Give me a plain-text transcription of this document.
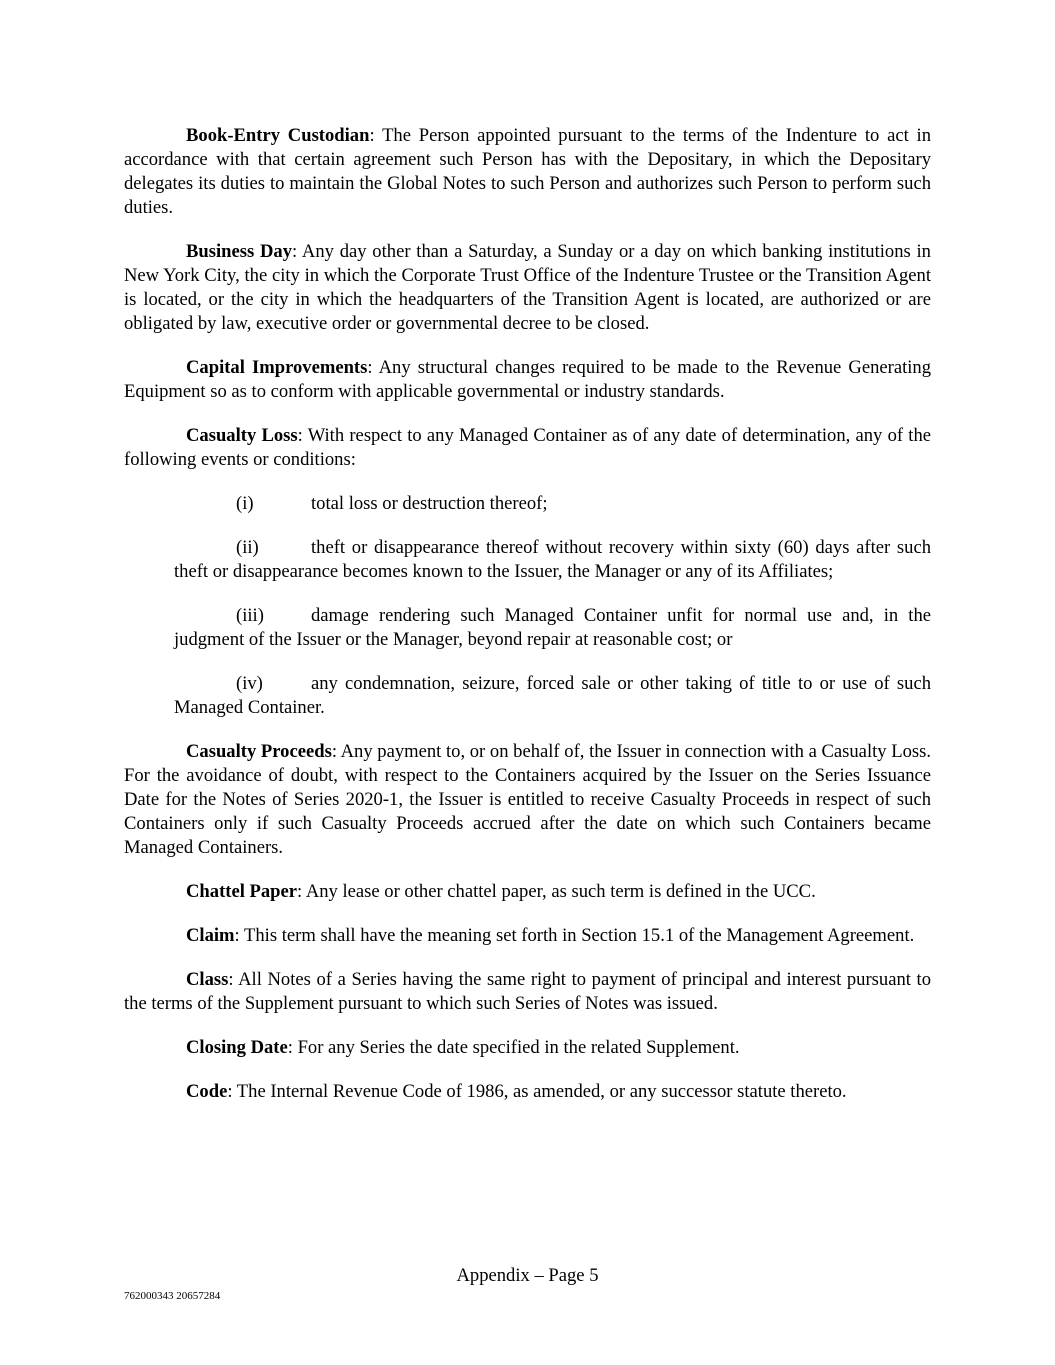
Book-Entry Custodian: The Person appointed pursuant to the terms of the Indenture to act in accordance with that certain agreement such Person has with the Depositary, in which the Depositary delegates its duties to maintain the Global Notes to such Person and authorizes such Person to perform such duties.

Business Day: Any day other than a Saturday, a Sunday or a day on which banking institutions in New York City, the city in which the Corporate Trust Office of the Indenture Trustee or the Transition Agent is located, or the city in which the headquarters of the Transition Agent is located, are authorized or are obligated by law, executive order or governmental decree to be closed.

Capital Improvements: Any structural changes required to be made to the Revenue Generating Equipment so as to conform with applicable governmental or industry standards.

Casualty Loss: With respect to any Managed Container as of any date of determination, any of the following events or conditions:

(i)	total loss or destruction thereof;

(ii)	theft or disappearance thereof without recovery within sixty (60) days after such theft or disappearance becomes known to the Issuer, the Manager or any of its Affiliates;

(iii)	damage rendering such Managed Container unfit for normal use and, in the judgment of the Issuer or the Manager, beyond repair at reasonable cost; or

(iv)	any condemnation, seizure, forced sale or other taking of title to or use of such Managed Container.

Casualty Proceeds: Any payment to, or on behalf of, the Issuer in connection with a Casualty Loss. For the avoidance of doubt, with respect to the Containers acquired by the Issuer on the Series Issuance Date for the Notes of Series 2020-1, the Issuer is entitled to receive Casualty Proceeds in respect of such Containers only if such Casualty Proceeds accrued after the date on which such Containers became Managed Containers.

Chattel Paper: Any lease or other chattel paper, as such term is defined in the UCC.

Claim: This term shall have the meaning set forth in Section 15.1 of the Management Agreement.

Class: All Notes of a Series having the same right to payment of principal and interest pursuant to the terms of the Supplement pursuant to which such Series of Notes was issued.

Closing Date: For any Series the date specified in the related Supplement.

Code: The Internal Revenue Code of 1986, as amended, or any successor statute thereto.

Appendix – Page 5
762000343 20657284
